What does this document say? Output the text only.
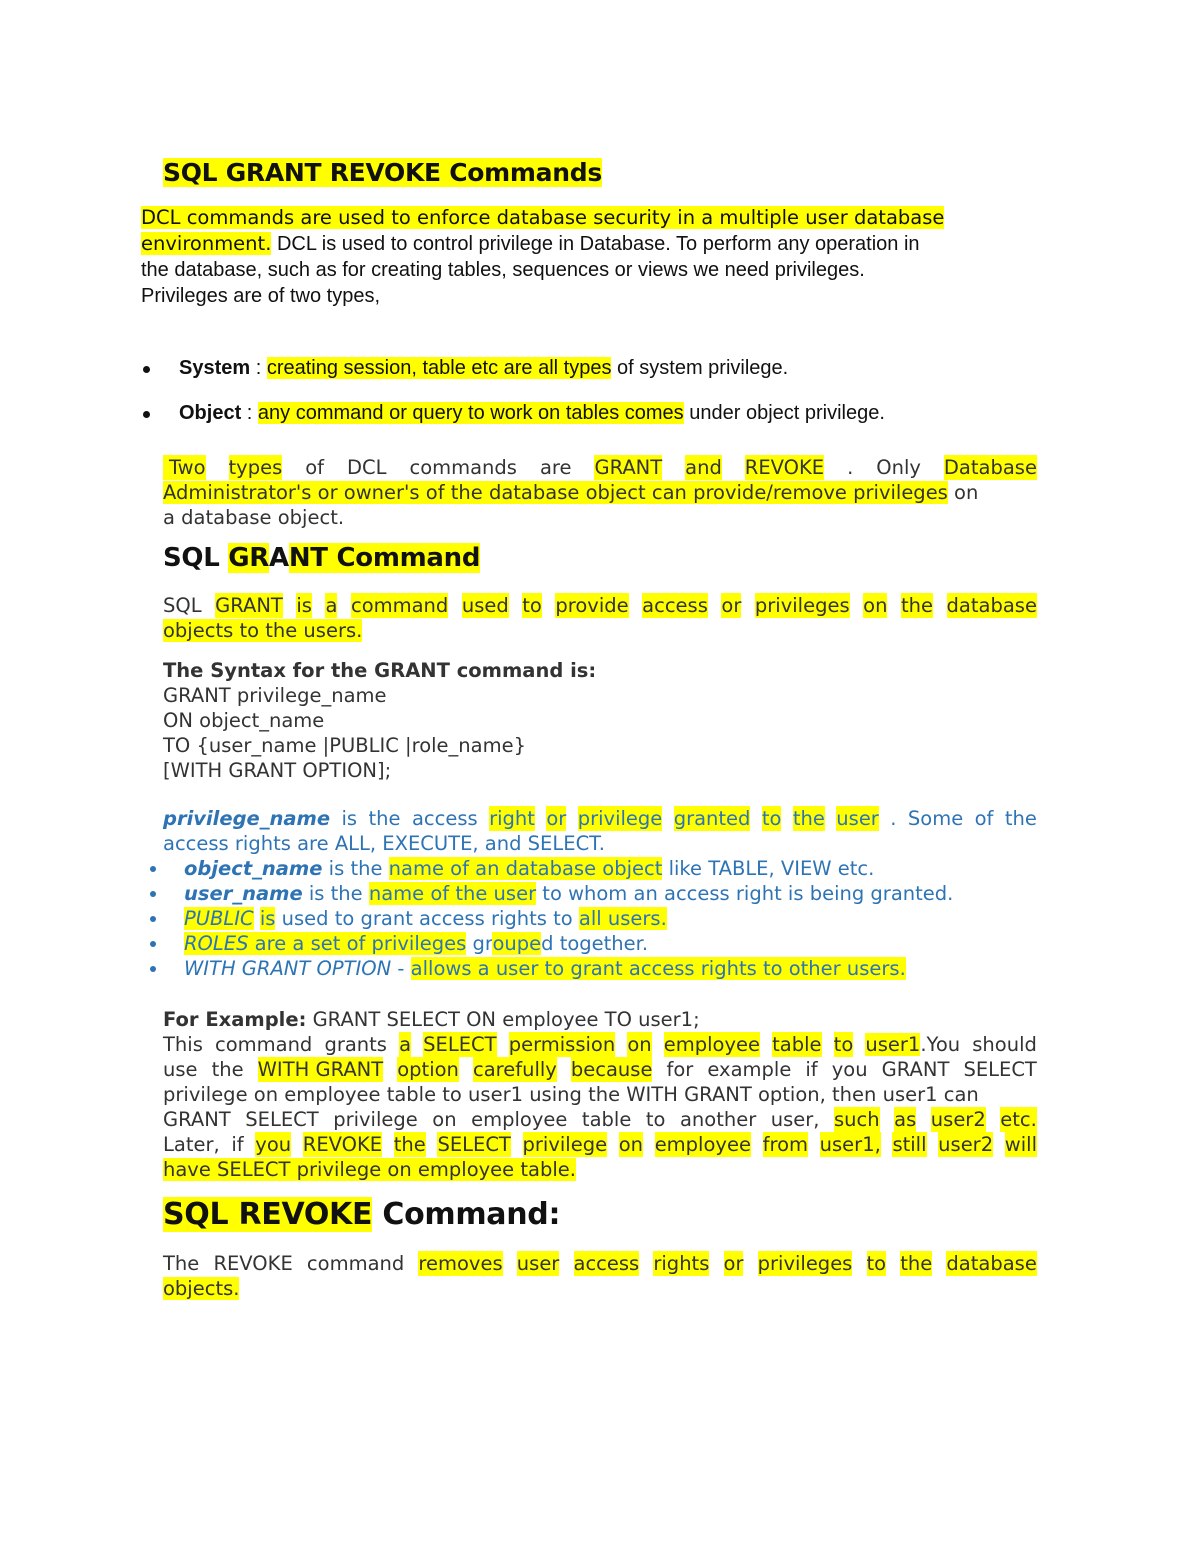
SQL GRANT REVOKE Commands
DCL commands are used to enforce database security in a multiple user database
environment. DCL is used to control privilege in Database. To perform any operation in
the database, such as for creating tables, sequences or views we need privileges.
Privileges are of two types,
System : creating session, table etc are all types of system privilege.
Object : any command or query to work on tables comes under object privilege.
Two types of DCL commands are GRANT and REVOKE . Only Database
Administrator's or owner's of the database object can provide/remove privileges on
a database object.
SQL GRANT Command
SQL GRANT is a command used to provide access or privileges on the database
objects to the users.
The Syntax for the GRANT command is:
GRANT privilege_name
ON object_name
TO {user_name |PUBLIC |role_name}
[WITH GRANT OPTION];
privilege_name is the access right or privilege granted to the user . Some of the
access rights are ALL, EXECUTE, and SELECT.
object_name is the name of an database object like TABLE, VIEW etc.
user_name is the name of the user to whom an access right is being granted.
PUBLIC is used to grant access rights to all users.
ROLES are a set of privileges grouped together.
WITH GRANT OPTION - allows a user to grant access rights to other users.
For Example: GRANT SELECT ON employee TO user1;
This command grants a SELECT permission on employee table to user1.You should
use the WITH GRANT option carefully because for example if you GRANT SELECT
privilege on employee table to user1 using the WITH GRANT option, then user1 can
GRANT SELECT privilege on employee table to another user, such as user2 etc.
Later, if you REVOKE the SELECT privilege on employee from user1, still user2 will
have SELECT privilege on employee table.
SQL REVOKE Command:
The REVOKE command removes user access rights or privileges to the database
objects.
